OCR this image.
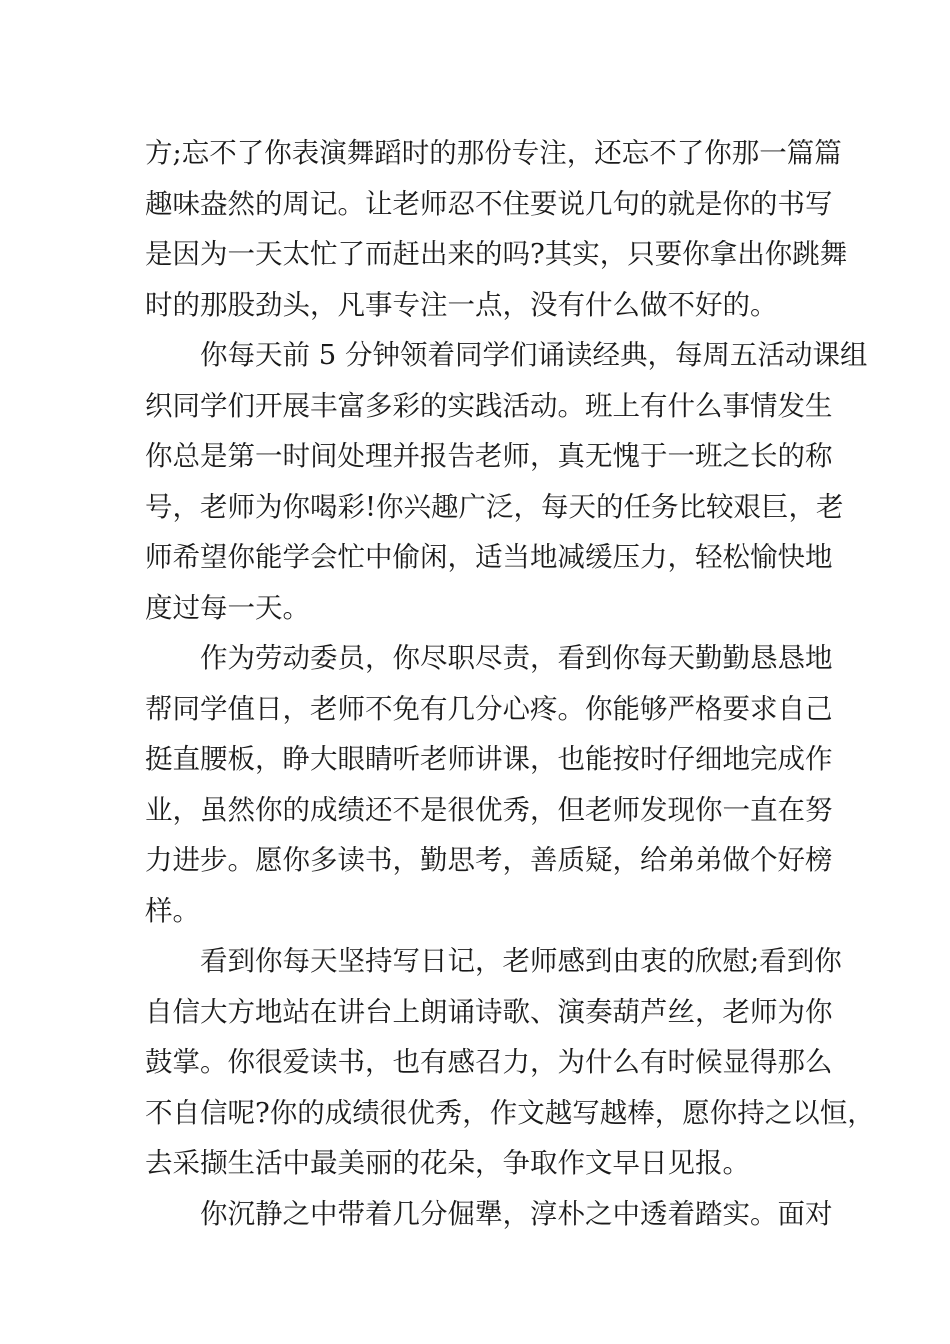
方;忘不了你表演舞蹈时的那份专注，还忘不了你那一篇篇
趣味盎然的周记。让老师忍不住要说几句的就是你的书写
是因为一天太忙了而赶出来的吗?其实，只要你拿出你跳舞
时的那股劲头，凡事专注一点，没有什么做不好的。
你每天前 5 分钟领着同学们诵读经典，每周五活动课组
织同学们开展丰富多彩的实践活动。班上有什么事情发生
你总是第一时间处理并报告老师，真无愧于一班之长的称
号，老师为你喝彩!你兴趣广泛，每天的任务比较艰巨，老
师希望你能学会忙中偷闲，适当地减缓压力，轻松愉快地
度过每一天。
作为劳动委员，你尽职尽责，看到你每天勤勤恳恳地
帮同学值日，老师不免有几分心疼。你能够严格要求自己
挺直腰板，睁大眼睛听老师讲课，也能按时仔细地完成作
业，虽然你的成绩还不是很优秀，但老师发现你一直在努
力进步。愿你多读书，勤思考，善质疑，给弟弟做个好榜
样。
看到你每天坚持写日记，老师感到由衷的欣慰;看到你
自信大方地站在讲台上朗诵诗歌、演奏葫芦丝，老师为你
鼓掌。你很爱读书，也有感召力，为什么有时候显得那么
不自信呢?你的成绩很优秀，作文越写越棒，愿你持之以恒，
去采撷生活中最美丽的花朵，争取作文早日见报。
你沉静之中带着几分倔犟，淳朴之中透着踏实。面对
